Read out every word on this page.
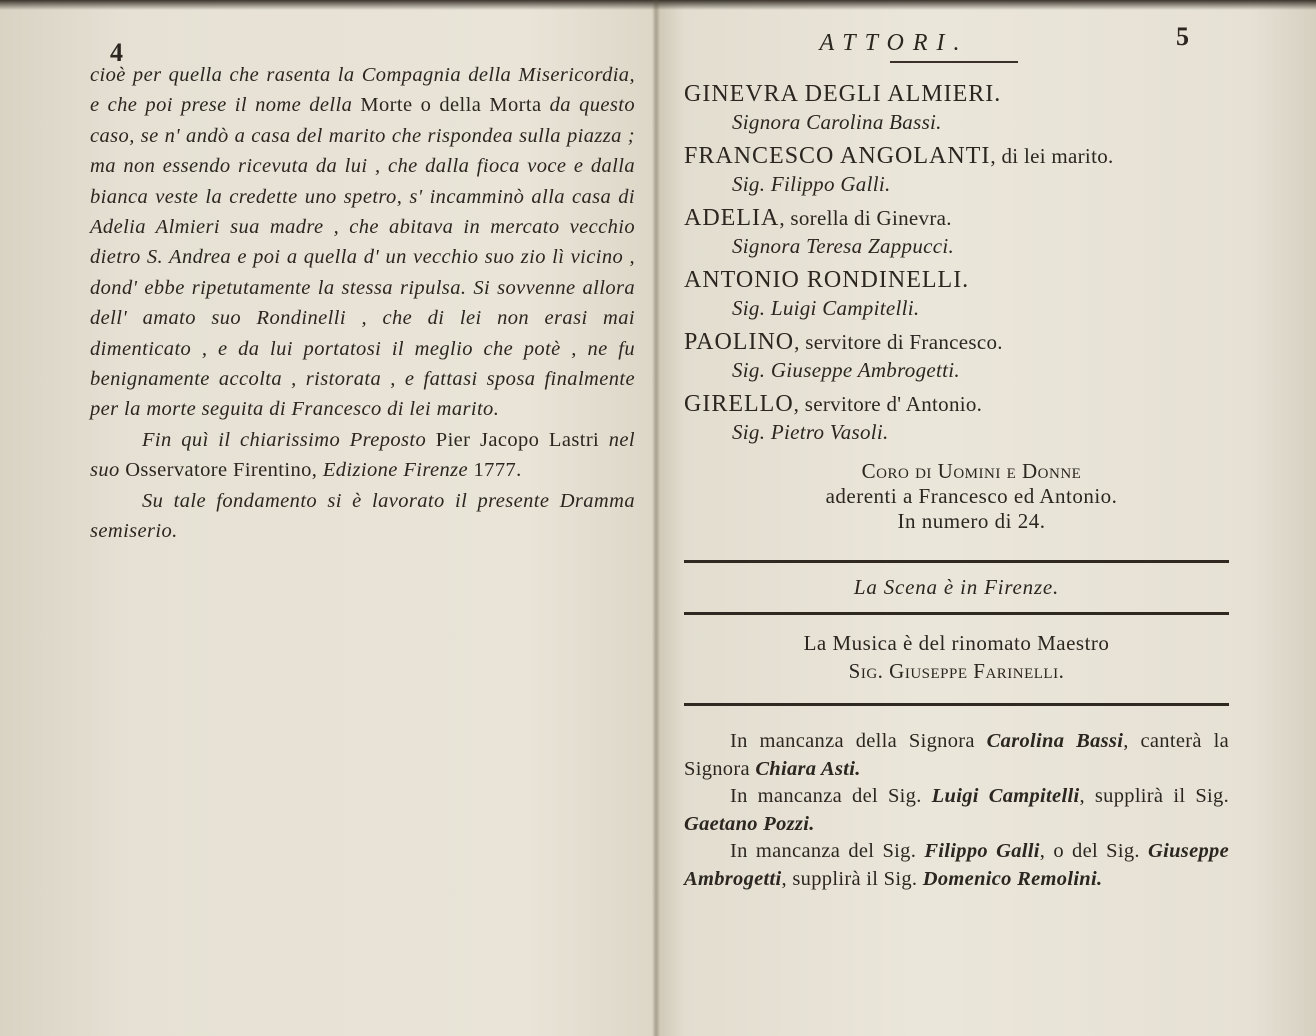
4
5

cioè per quella che rasenta la Compagnia della Misericordia, e che poi prese il nome della Morte o della Morta da questo caso, se n' andò a casa del marito che rispondea sulla piazza ; ma non essendo ricevuta da lui , che dalla fioca voce e dalla bianca veste la credette uno spetro, s' incamminò alla casa di Adelia Almieri sua madre , che abitava in mercato vecchio dietro S. Andrea e poi a quella d' un vecchio suo zio lì vicino , dond' ebbe ripetutamente la stessa ripulsa. Si sovvenne allora dell' amato suo Rondinelli , che di lei non erasi mai dimenticato , e da lui portatosi il meglio che potè , ne fu benignamente accolta , ristorata , e fattasi sposa finalmente per la morte seguita di Francesco di lei marito.

Fin quì il chiarissimo Preposto Pier Jacopo Lastri nel suo Osservatore Firentino, Edizione Firenze 1777.

Su tale fondamento si è lavorato il presente Dramma semiserio.

ATTORI.
GINEVRA DEGLI ALMIERI.
Signora Carolina Bassi.
FRANCESCO ANGOLANTI, di lei marito.
Sig. Filippo Galli.
ADELIA, sorella di Ginevra.
Signora Teresa Zappucci.
ANTONIO RONDINELLI.
Sig. Luigi Campitelli.
PAOLINO, servitore di Francesco.
Sig. Giuseppe Ambrogetti.
GIRELLO, servitore d' Antonio.
Sig. Pietro Vasoli.
Coro di Uomini e Donne
aderenti a Francesco ed Antonio.
In numero di 24.
La Scena è in Firenze.
La Musica è del rinomato Maestro
Sig. Giuseppe Farinelli.

In mancanza della Signora Carolina Bassi, canterà la Signora Chiara Asti.

In mancanza del Sig. Luigi Campitelli, supplirà il Sig. Gaetano Pozzi.

In mancanza del Sig. Filippo Galli, o del Sig. Giuseppe Ambrogetti, supplirà il Sig. Domenico Remolini.
